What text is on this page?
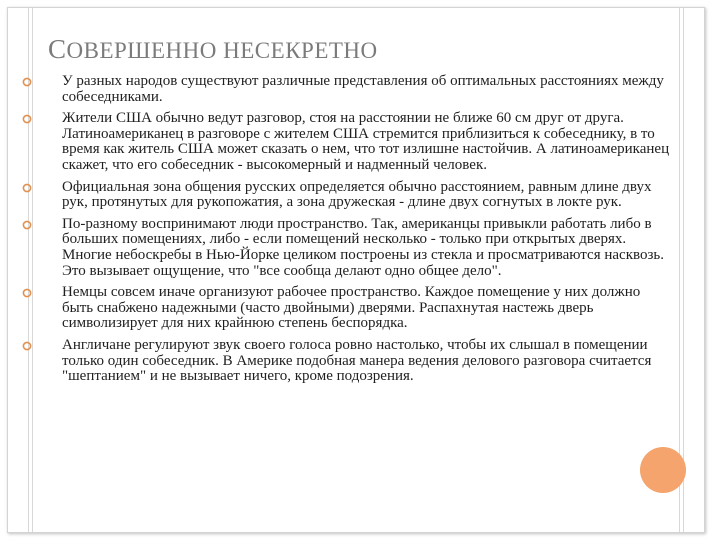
СОВЕРШЕННО НЕСЕКРЕТНО
У разных народов существуют различные представления об оптимальных расстояниях между собеседниками.
Жители США обычно ведут разговор, стоя на расстоянии не ближе 60 см друг от друга. Латиноамериканец в разговоре с жителем США стремится приблизиться к собеседнику, в то время как житель США может сказать о нем, что тот излишне настойчив. А латиноамериканец скажет, что его собеседник - высокомерный и надменный человек.
Официальная зона общения русских определяется обычно расстоянием, равным длине двух рук, протянутых для рукопожатия, а зона дружеская - длине двух согнутых в локте рук.
По-разному воспринимают люди пространство. Так, американцы привыкли работать либо в больших помещениях, либо - если помещений несколько - только при открытых дверях. Многие небоскребы в Нью-Йорке целиком построены из стекла и просматриваются насквозь. Это вызывает ощущение, что "все сообща делают одно общее дело".
Немцы совсем иначе организуют рабочее пространство. Каждое помещение у них должно быть снабжено надежными (часто двойными) дверями. Распахнутая настежь дверь символизирует для них крайнюю степень беспорядка.
Англичане регулируют звук своего голоса ровно настолько, чтобы их слышал в помещении только один собеседник. В Америке подобная манера ведения делового разговора считается "шептанием" и не вызывает ничего, кроме подозрения.
